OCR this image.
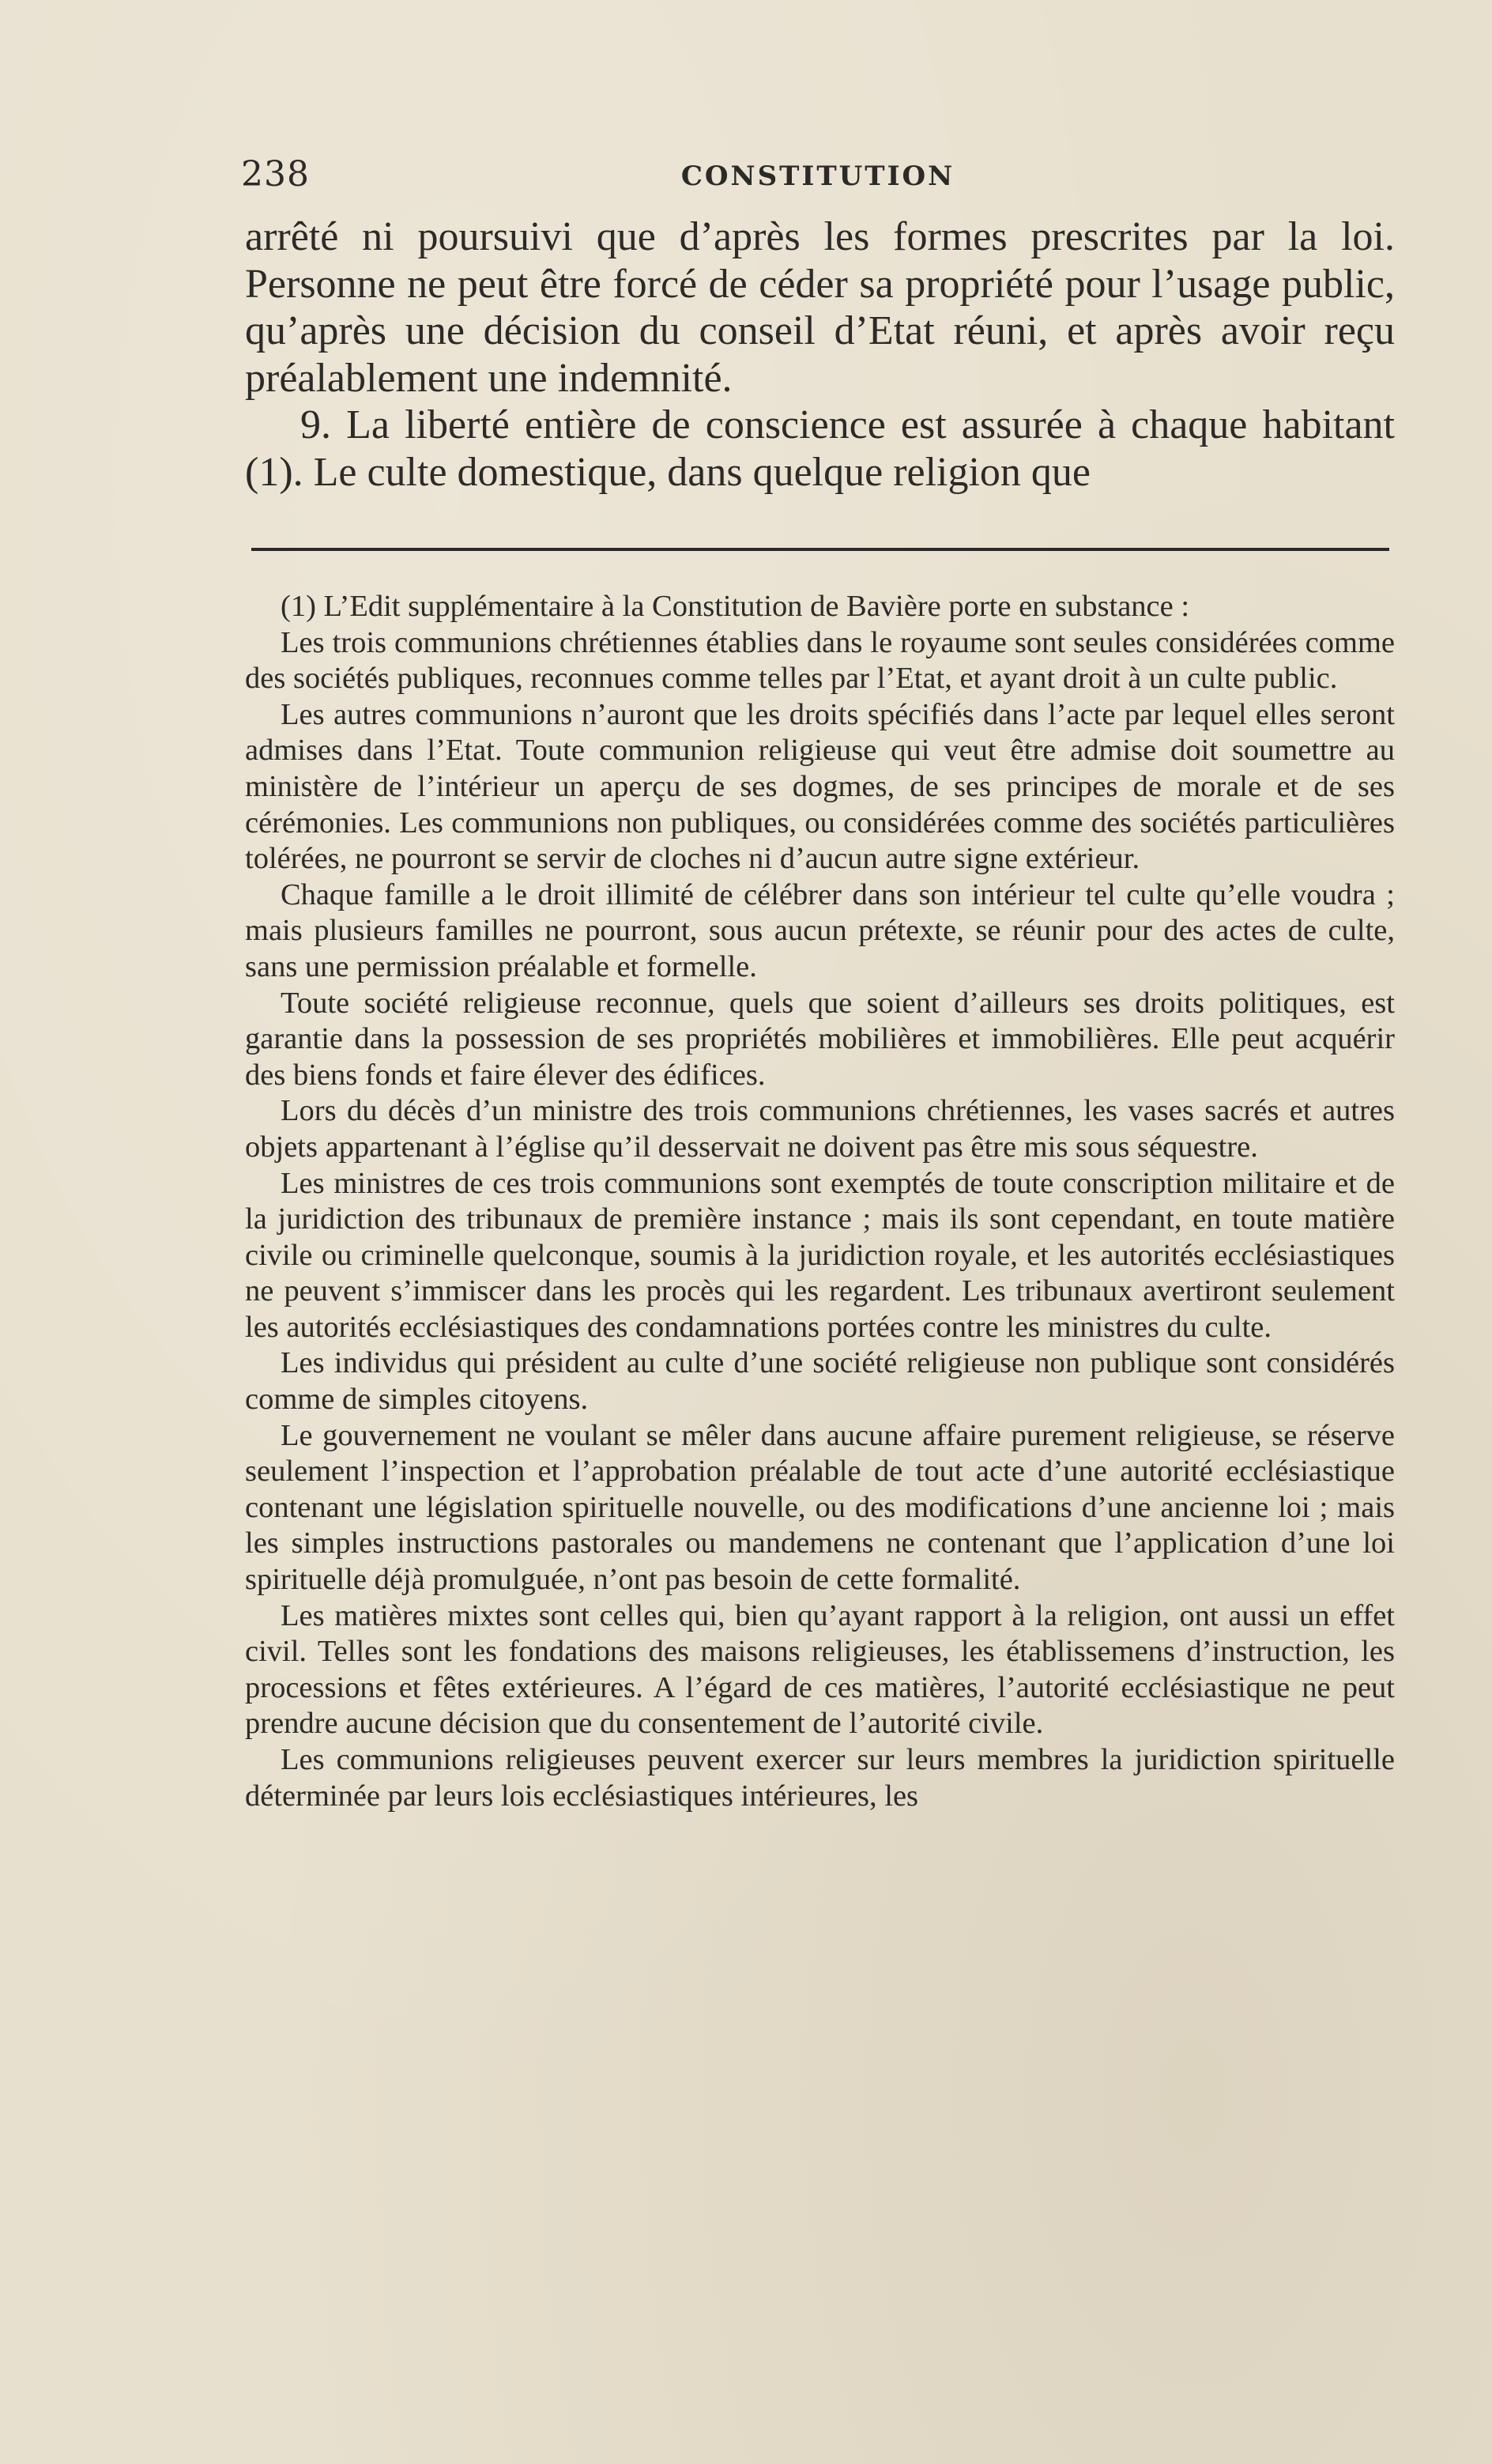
238	CONSTITUTION

arrêté ni poursuivi que d’après les formes prescrites par la loi. Personne ne peut être forcé de céder sa propriété pour l’usage public, qu’après une décision du conseil d’Etat réuni, et après avoir reçu préalablement une indemnité.

9. La liberté entière de conscience est assurée à chaque habitant (1). Le culte domestique, dans quelque religion que

(1) L’Edit supplémentaire à la Constitution de Bavière porte en substance :

Les trois communions chrétiennes établies dans le royaume sont seules considérées comme des sociétés publiques, reconnues comme telles par l’Etat, et ayant droit à un culte public.

Les autres communions n’auront que les droits spécifiés dans l’acte par lequel elles seront admises dans l’Etat. Toute communion religieuse qui veut être admise doit soumettre au ministère de l’intérieur un aperçu de ses dogmes, de ses principes de morale et de ses cérémonies. Les communions non publiques, ou considérées comme des sociétés particulières tolérées, ne pourront se servir de cloches ni d’aucun autre signe extérieur.

Chaque famille a le droit illimité de célébrer dans son intérieur tel culte qu’elle voudra ; mais plusieurs familles ne pourront, sous aucun prétexte, se réunir pour des actes de culte, sans une permission préalable et formelle.

Toute société religieuse reconnue, quels que soient d’ailleurs ses droits politiques, est garantie dans la possession de ses propriétés mobilières et immobilières. Elle peut acquérir des biens fonds et faire élever des édifices.

Lors du décès d’un ministre des trois communions chrétiennes, les vases sacrés et autres objets appartenant à l’église qu’il desservait ne doivent pas être mis sous séquestre.

Les ministres de ces trois communions sont exemptés de toute conscription militaire et de la juridiction des tribunaux de première instance ; mais ils sont cependant, en toute matière civile ou criminelle quelconque, soumis à la juridiction royale, et les autorités ecclésiastiques ne peuvent s’immiscer dans les procès qui les regardent. Les tribunaux avertiront seulement les autorités ecclésiastiques des condamnations portées contre les ministres du culte.

Les individus qui président au culte d’une société religieuse non publique sont considérés comme de simples citoyens.

Le gouvernement ne voulant se mêler dans aucune affaire purement religieuse, se réserve seulement l’inspection et l’approbation préalable de tout acte d’une autorité ecclésiastique contenant une législation spirituelle nouvelle, ou des modifications d’une ancienne loi ; mais les simples instructions pastorales ou mandemens ne contenant que l’application d’une loi spirituelle déjà promulguée, n’ont pas besoin de cette formalité.

Les matières mixtes sont celles qui, bien qu’ayant rapport à la religion, ont aussi un effet civil. Telles sont les fondations des maisons religieuses, les établissemens d’instruction, les processions et fêtes extérieures. A l’égard de ces matières, l’autorité ecclésiastique ne peut prendre aucune décision que du consentement de l’autorité civile.

Les communions religieuses peuvent exercer sur leurs membres la juridiction spirituelle déterminée par leurs lois ecclésiastiques intérieures, les
